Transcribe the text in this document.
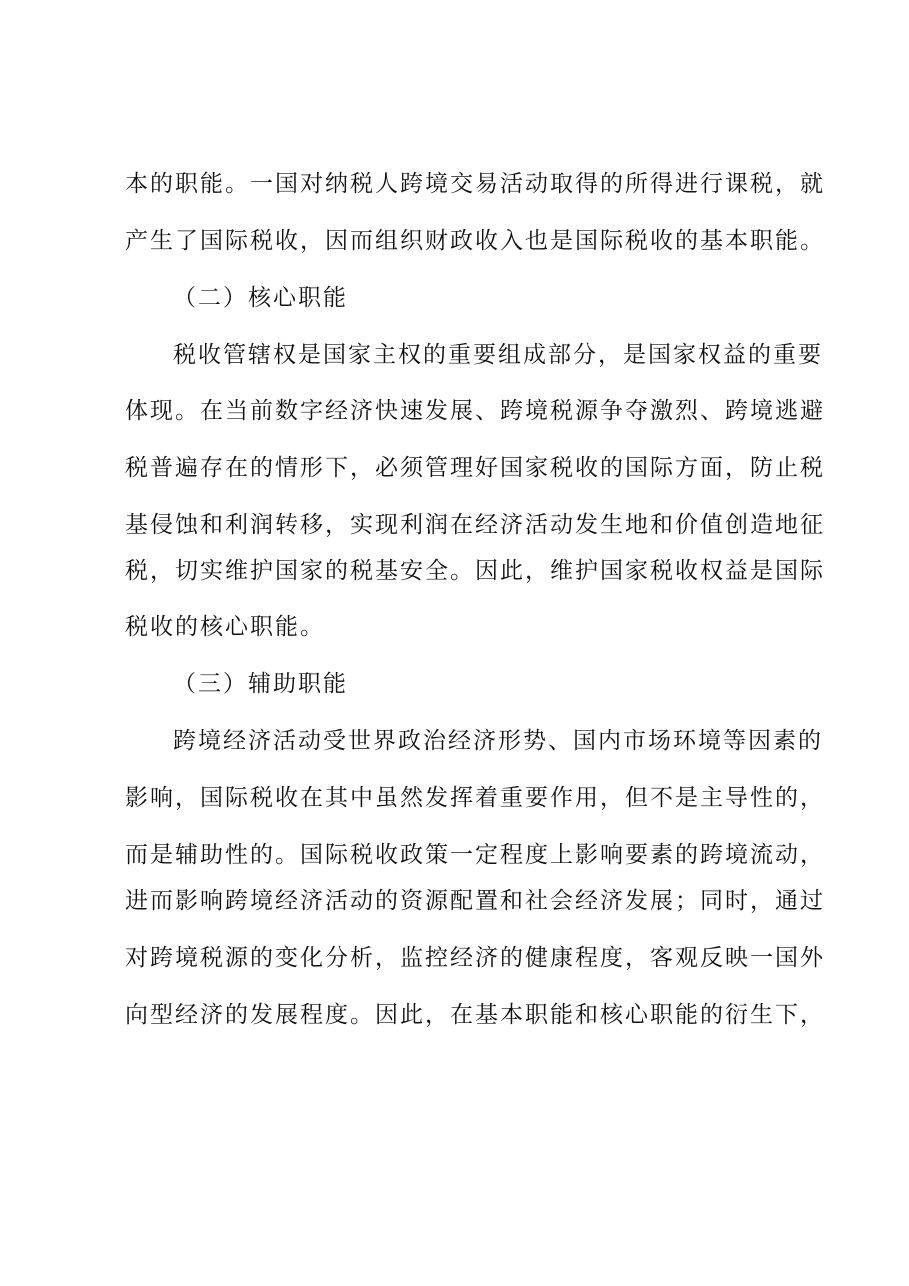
本的职能。一国对纳税人跨境交易活动取得的所得进行课税，就
产生了国际税收，因而组织财政收入也是国际税收的基本职能。
（二）核心职能
税收管辖权是国家主权的重要组成部分，是国家权益的重要
体现。在当前数字经济快速发展、跨境税源争夺激烈、跨境逃避
税普遍存在的情形下，必须管理好国家税收的国际方面，防止税
基侵蚀和利润转移，实现利润在经济活动发生地和价值创造地征
税，切实维护国家的税基安全。因此，维护国家税收权益是国际
税收的核心职能。
（三）辅助职能
跨境经济活动受世界政治经济形势、国内市场环境等因素的
影响，国际税收在其中虽然发挥着重要作用，但不是主导性的，
而是辅助性的。国际税收政策一定程度上影响要素的跨境流动，
进而影响跨境经济活动的资源配置和社会经济发展；同时，通过
对跨境税源的变化分析，监控经济的健康程度，客观反映一国外
向型经济的发展程度。因此，在基本职能和核心职能的衍生下，
